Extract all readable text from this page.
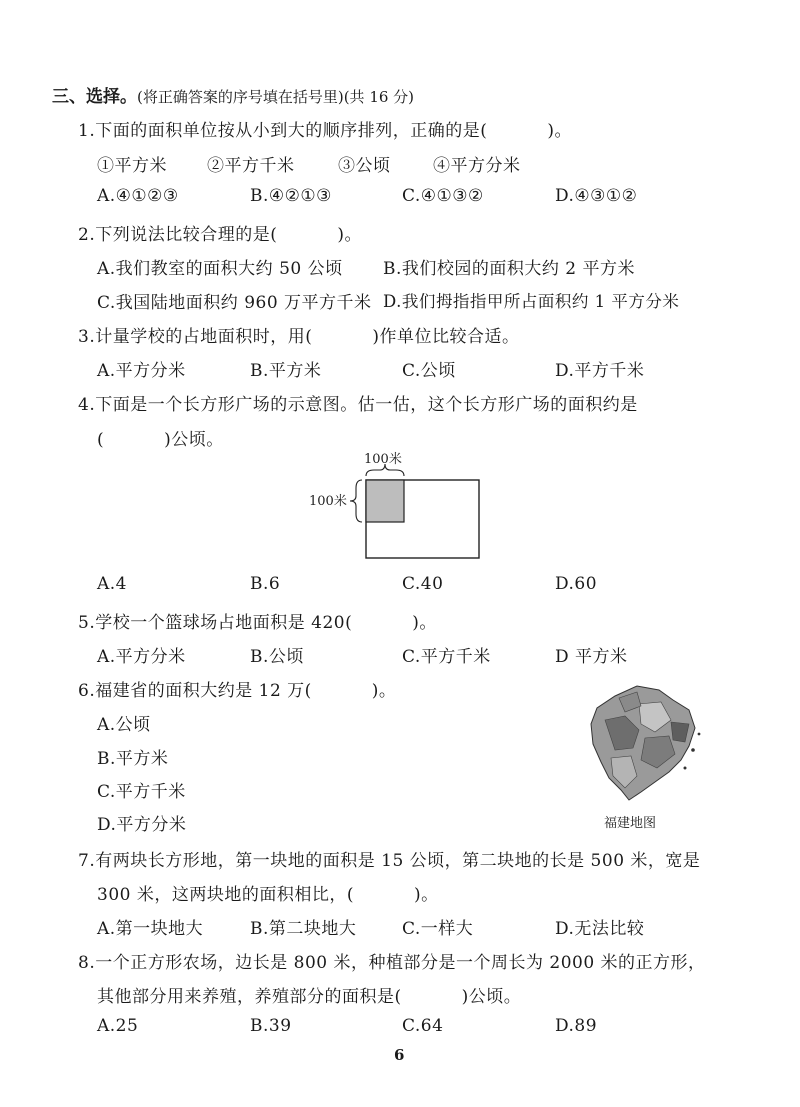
三、选择。(将正确答案的序号填在括号里)(共 16 分)
1.下面的面积单位按从小到大的顺序排列，正确的是(	)。
①平方米 ②平方千米	③公顷	④平方分米
A.④①②③	B.④②①③	C.④①③②	D.④③①②
2.下列说法比较合理的是(	)。
A.我们教室的面积大约 50 公顷 B.我们校园的面积大约 2 平方米
C.我国陆地面积约 960 万平方千米 D.我们拇指指甲所占面积约 1 平方分米
3.计量学校的占地面积时，用(	)作单位比较合适。
A.平方分米	B.平方米	C.公顷	D.平方千米
4.下面是一个长方形广场的示意图。估一估，这个长方形广场的面积约是
(	)公顷。
100米
100米
A.4	B.6	C.40	D.60
5.学校一个篮球场占地面积是 420(	)。
A.平方分米	B.公顷	C.平方千米	D 平方米
6.福建省的面积大约是 12 万(	)。
A.公顷
B.平方米
C.平方千米
D.平方分米	福建地图
7.有两块长方形地，第一块地的面积是 15 公顷，第二块地的长是 500 米，宽是
300 米，这两块地的面积相比，(	)。
A.第一块地大	B.第二块地大	C.一样大	D.无法比较
8.一个正方形农场，边长是 800 米，种植部分是一个周长为 2000 米的正方形，
其他部分用来养殖，养殖部分的面积是(	)公顷。
A.25	B.39	C.64	D.89
6
